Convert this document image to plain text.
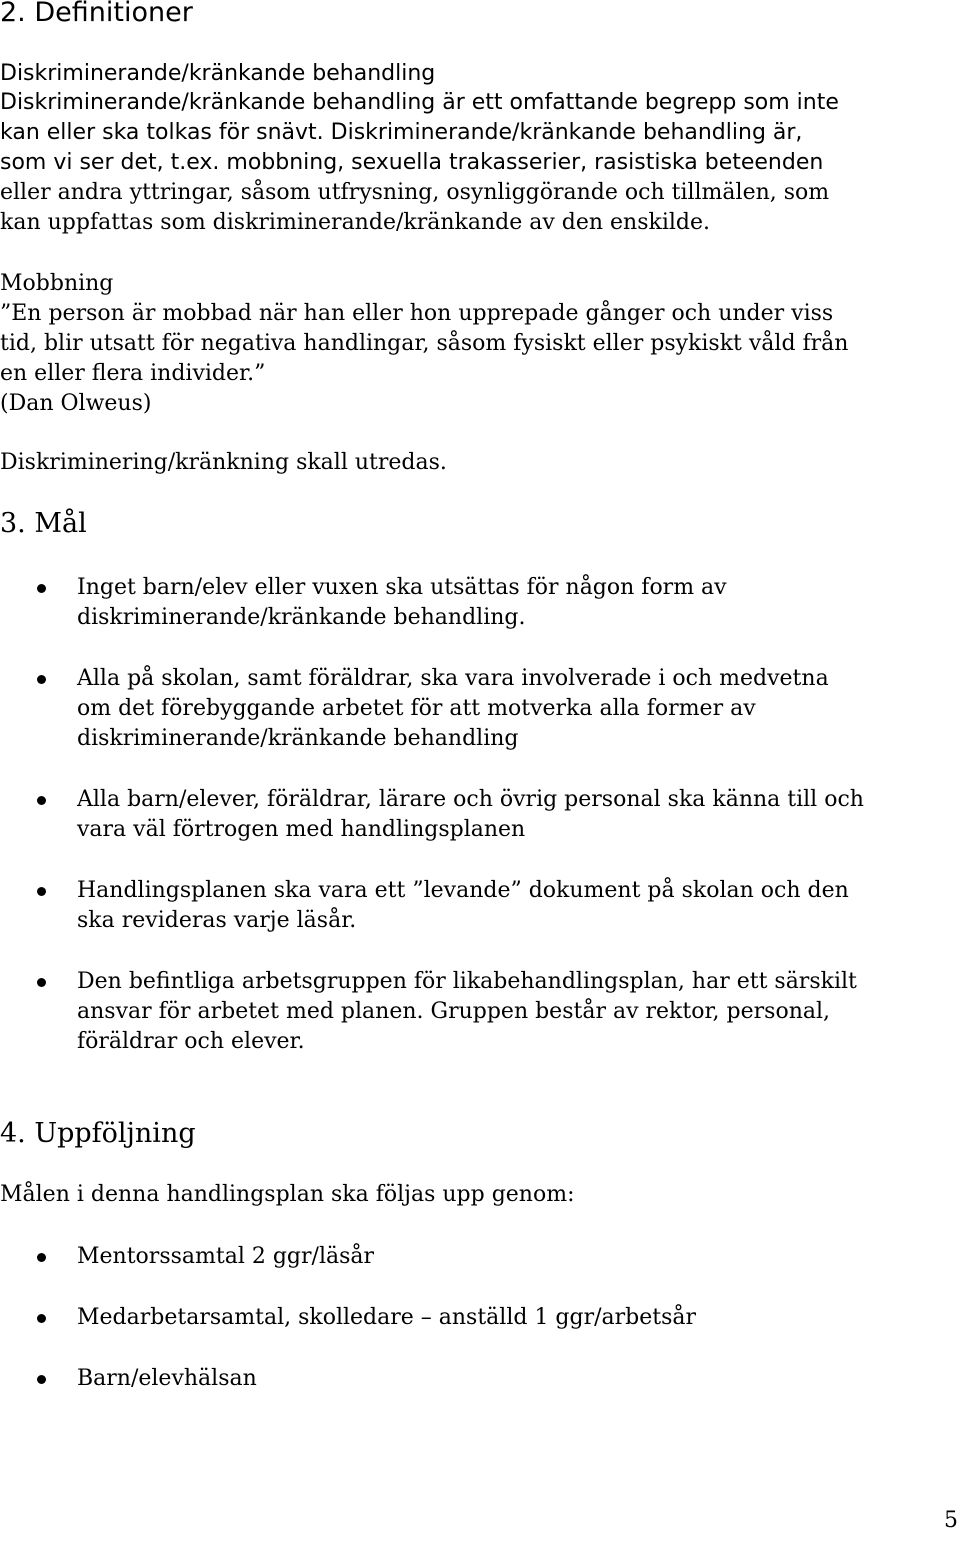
2. Definitioner
Diskriminerande/kränkande behandling
Diskriminerande/kränkande behandling är ett omfattande begrepp som inte
kan eller ska tolkas för snävt. Diskriminerande/kränkande behandling är,
som vi ser det, t.ex. mobbning, sexuella trakasserier, rasistiska beteenden
eller andra yttringar, såsom utfrysning, osynliggörande och tillmälen, som
kan uppfattas som diskriminerande/kränkande av den enskilde.
Mobbning
”En person är mobbad när han eller hon upprepade gånger och under viss
tid, blir utsatt för negativa handlingar, såsom fysiskt eller psykiskt våld från
en eller flera individer.”
(Dan Olweus)
Diskriminering/kränkning skall utredas.
3. Mål
Inget barn/elev eller vuxen ska utsättas för någon form av
diskriminerande/kränkande behandling.
Alla på skolan, samt föräldrar, ska vara involverade i och medvetna
om det förebyggande arbetet för att motverka alla former av
diskriminerande/kränkande behandling
Alla barn/elever, föräldrar, lärare och övrig personal ska känna till och
vara väl förtrogen med handlingsplanen
Handlingsplanen ska vara ett ”levande” dokument på skolan och den
ska revideras varje läsår.
Den befintliga arbetsgruppen för likabehandlingsplan, har ett särskilt
ansvar för arbetet med planen. Gruppen består av rektor, personal,
föräldrar och elever.
4. Uppföljning
Målen i denna handlingsplan ska följas upp genom:
Mentorssamtal 2 ggr/läsår
Medarbetarsamtal, skolledare – anställd 1 ggr/arbetsår
Barn/elevhälsan
5
